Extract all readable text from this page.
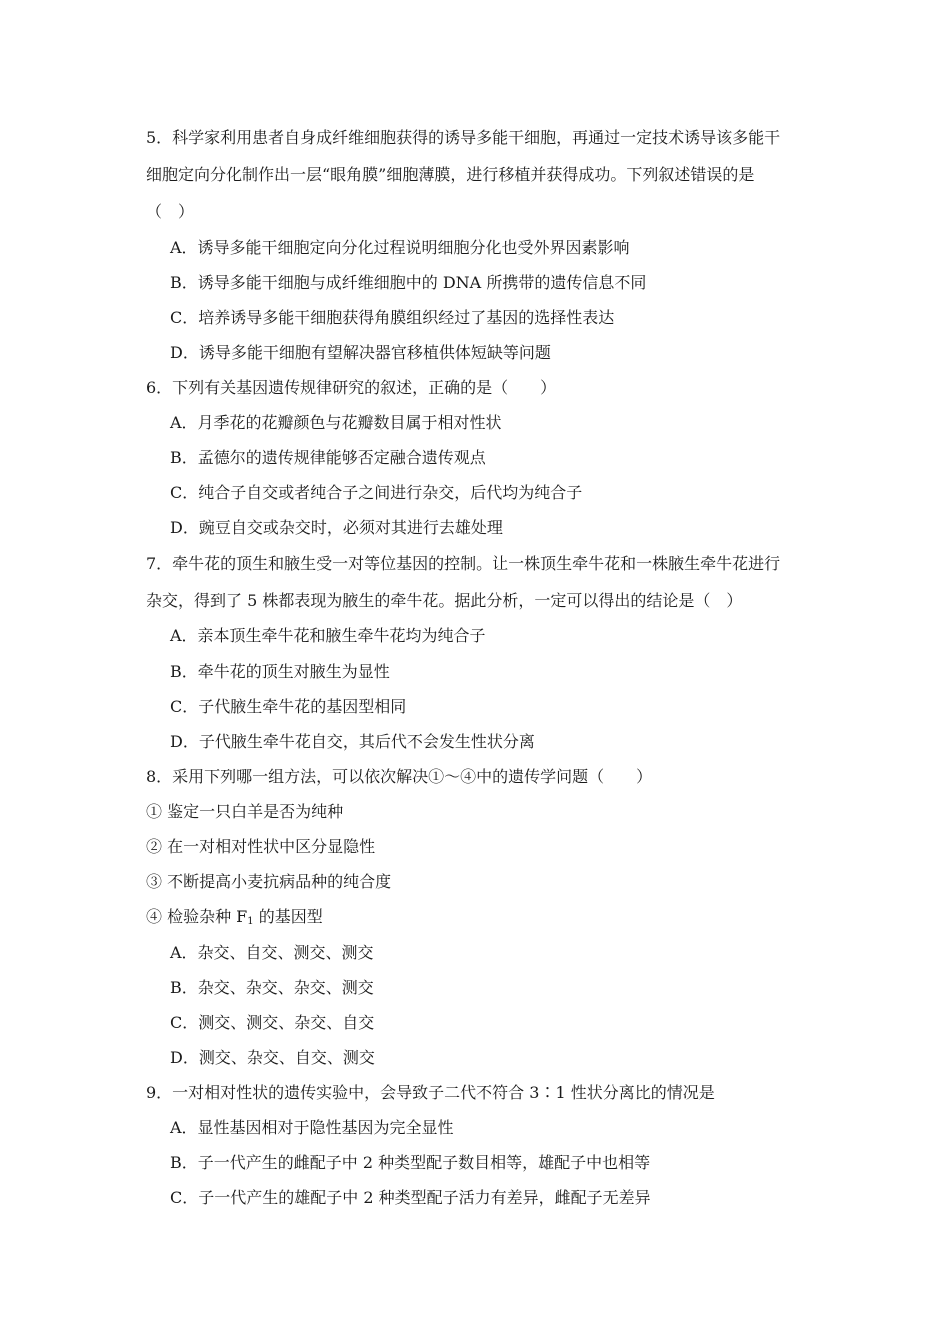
5．科学家利用患者自身成纤维细胞获得的诱导多能干细胞，再通过一定技术诱导该多能干
细胞定向分化制作出一层“眼角膜”细胞薄膜，进行移植并获得成功。下列叙述错误的是
（　）
A．诱导多能干细胞定向分化过程说明细胞分化也受外界因素影响
B．诱导多能干细胞与成纤维细胞中的 DNA 所携带的遗传信息不同
C．培养诱导多能干细胞获得角膜组织经过了基因的选择性表达
D．诱导多能干细胞有望解决器官移植供体短缺等问题
6．下列有关基因遗传规律研究的叙述，正确的是（　　）
A．月季花的花瓣颜色与花瓣数目属于相对性状
B．孟德尔的遗传规律能够否定融合遗传观点
C．纯合子自交或者纯合子之间进行杂交，后代均为纯合子
D．豌豆自交或杂交时，必须对其进行去雄处理
7．牵牛花的顶生和腋生受一对等位基因的控制。让一株顶生牵牛花和一株腋生牵牛花进行
杂交，得到了 5 株都表现为腋生的牵牛花。据此分析，一定可以得出的结论是（　）
A．亲本顶生牵牛花和腋生牵牛花均为纯合子
B．牵牛花的顶生对腋生为显性
C．子代腋生牵牛花的基因型相同
D．子代腋生牵牛花自交，其后代不会发生性状分离
8．采用下列哪一组方法，可以依次解决①～④中的遗传学问题（　　）
① 鉴定一只白羊是否为纯种
② 在一对相对性状中区分显隐性
③ 不断提高小麦抗病品种的纯合度
④ 检验杂种 $F_1$ 的基因型
A．杂交、自交、测交、测交
B．杂交、杂交、杂交、测交
C．测交、测交、杂交、自交
D．测交、杂交、自交、测交
9．一对相对性状的遗传实验中，会导致子二代不符合 3∶1 性状分离比的情况是
A．显性基因相对于隐性基因为完全显性
B．子一代产生的雌配子中 2 种类型配子数目相等，雄配子中也相等
C．子一代产生的雄配子中 2 种类型配子活力有差异，雌配子无差异
